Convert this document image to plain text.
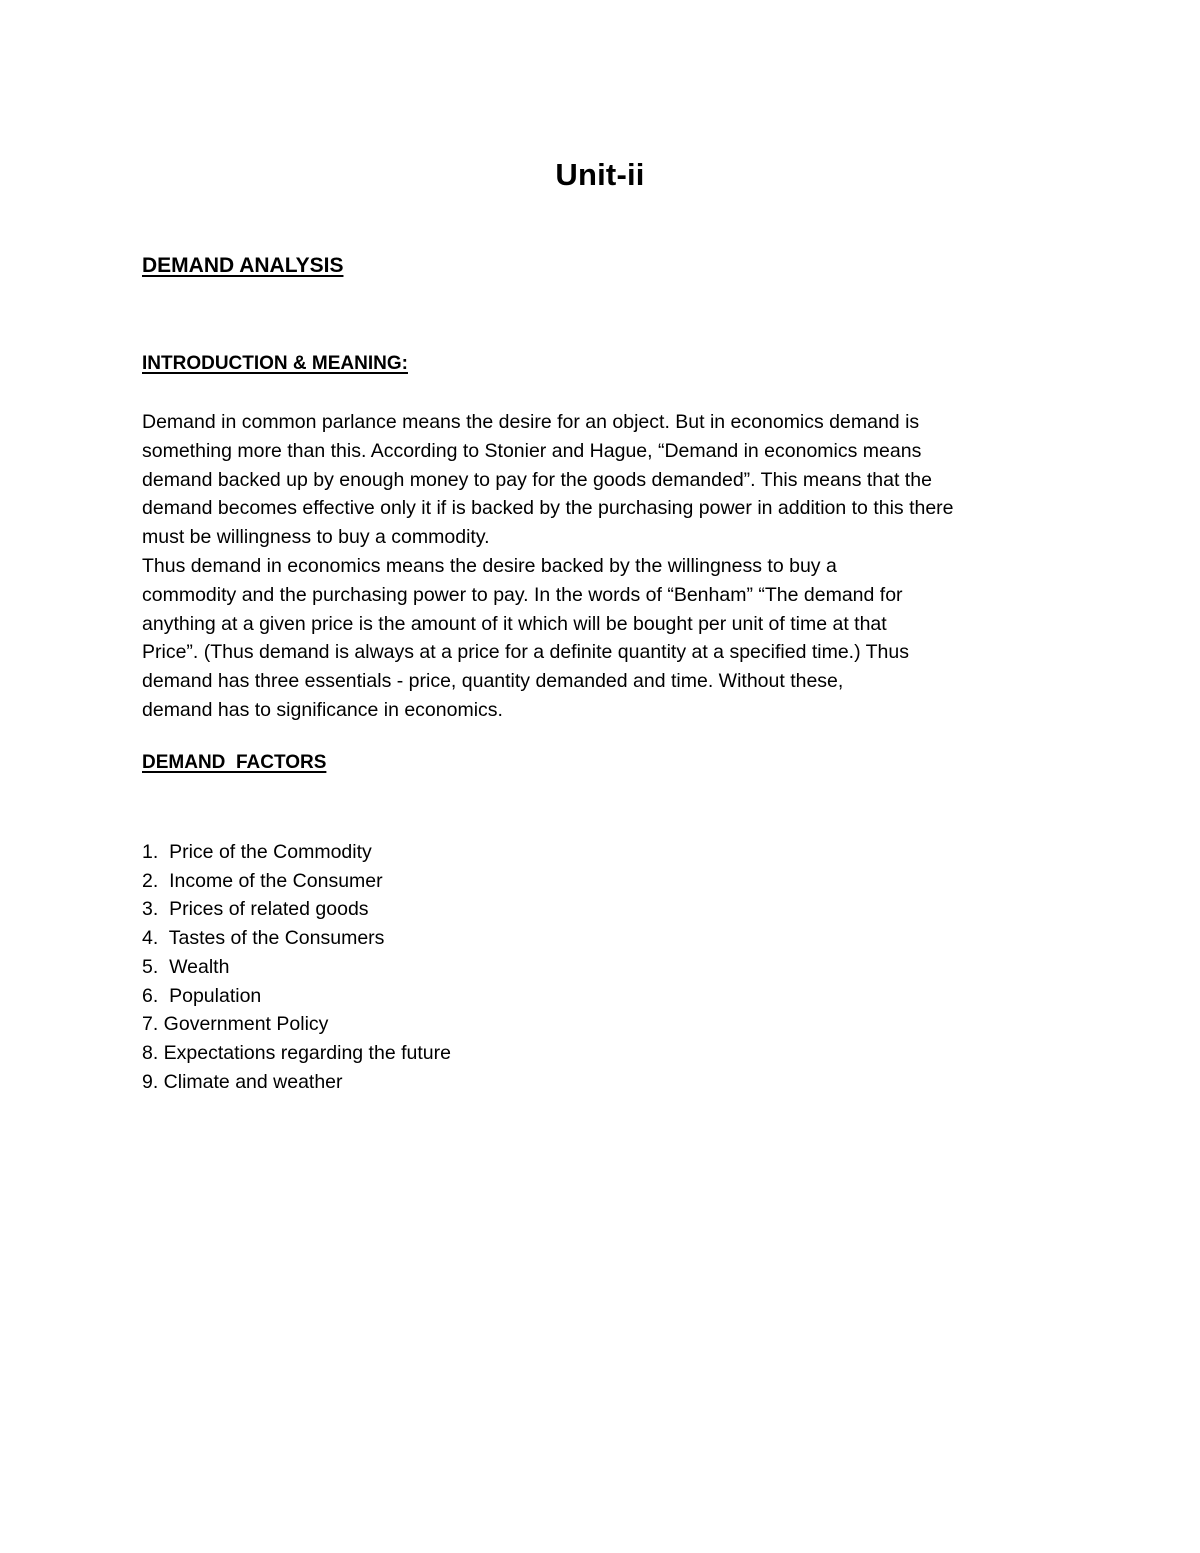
Unit-ii
DEMAND ANALYSIS
INTRODUCTION & MEANING:
Demand in common parlance means the desire for an object. But in economics demand is
something more than this. According to Stonier and Hague, “Demand in economics means
demand backed up by enough money to pay for the goods demanded”. This means that the
demand becomes effective only it if is backed by the purchasing power in addition to this there
must be willingness to buy a commodity.
Thus demand in economics means the desire backed by the willingness to buy a
commodity and the purchasing power to pay. In the words of “Benham” “The demand for
anything at a given price is the amount of it which will be bought per unit of time at that
Price”. (Thus demand is always at a price for a definite quantity at a specified time.) Thus
demand has three essentials - price, quantity demanded and time. Without these,
demand has to significance in economics.
DEMAND  FACTORS
1.  Price of the Commodity
2.  Income of the Consumer
3.  Prices of related goods
4.  Tastes of the Consumers
5.  Wealth
6.  Population
7. Government Policy
8. Expectations regarding the future
9. Climate and weather
